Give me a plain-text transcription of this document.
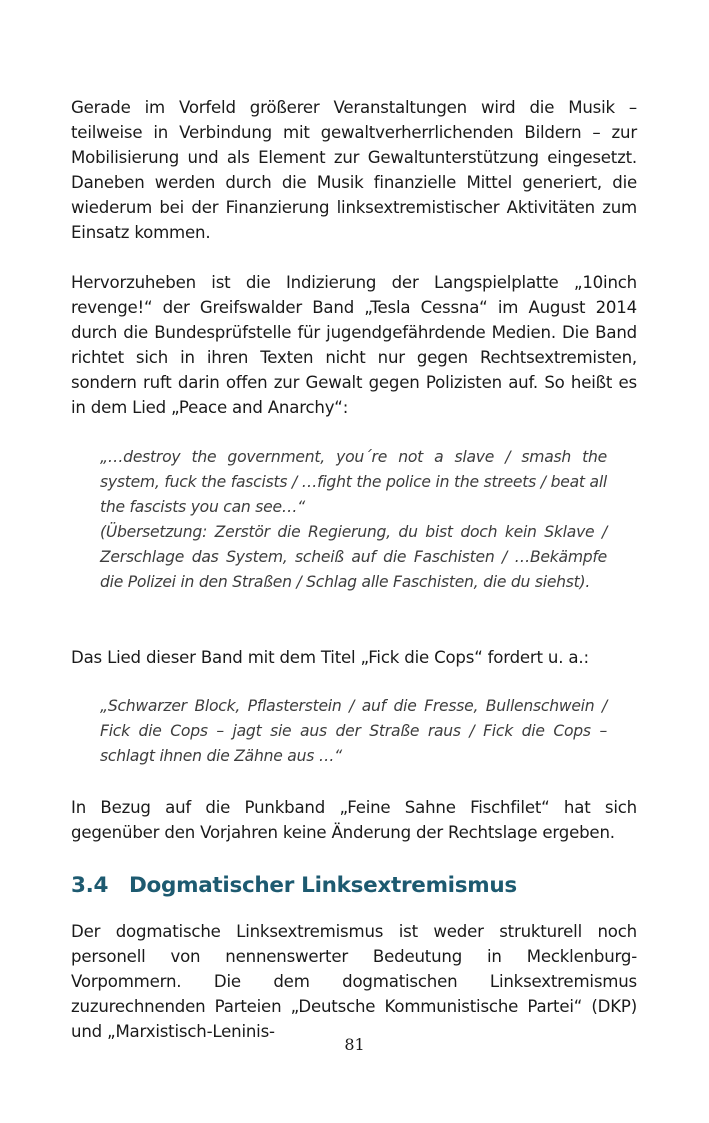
Gerade im Vorfeld größerer Veranstaltungen wird die Musik – teilweise in Verbindung mit gewaltverherrlichenden Bildern – zur Mobilisierung und als Element zur Gewaltunterstützung eingesetzt. Daneben werden durch die Musik finanzielle Mittel generiert, die wiederum bei der Finanzierung linksextremistischer Aktivitäten zum Einsatz kommen.

Hervorzuheben ist die Indizierung der Langspielplatte „10inch revenge!“ der Greifswalder Band „Tesla Cessna“ im August 2014 durch die Bundesprüfstelle für jugendgefährdende Medien. Die Band richtet sich in ihren Texten nicht nur gegen Rechtsextremisten, sondern ruft darin offen zur Gewalt gegen Polizisten auf. So heißt es in dem Lied „Peace and Anarchy“:

„…destroy the government, you´re not a slave / smash the system, fuck the fascists / …fight the police in the streets / beat all the fascists you can see…“

(Übersetzung: Zerstör die Regierung, du bist doch kein Sklave / Zerschlage das System, scheiß auf die Faschisten / …Bekämpfe die Polizei in den Straßen / Schlag alle Faschisten, die du siehst).

Das Lied dieser Band mit dem Titel „Fick die Cops“ fordert u. a.:

„Schwarzer Block, Pflasterstein / auf die Fresse, Bullenschwein / Fick die Cops – jagt sie aus der Straße raus / Fick die Cops – schlagt ihnen die Zähne aus …“

In Bezug auf die Punkband „Feine Sahne Fischfilet“ hat sich gegenüber den Vorjahren keine Änderung der Rechtslage ergeben.

3.4 Dogmatischer Linksextremismus

Der dogmatische Linksextremismus ist weder strukturell noch personell von nennenswerter Bedeutung in Mecklenburg-Vorpommern. Die dem dogmatischen Linksextremismus zuzurechnenden Parteien „Deutsche Kommunistische Partei“ (DKP) und „Marxistisch-Leninis-

81
